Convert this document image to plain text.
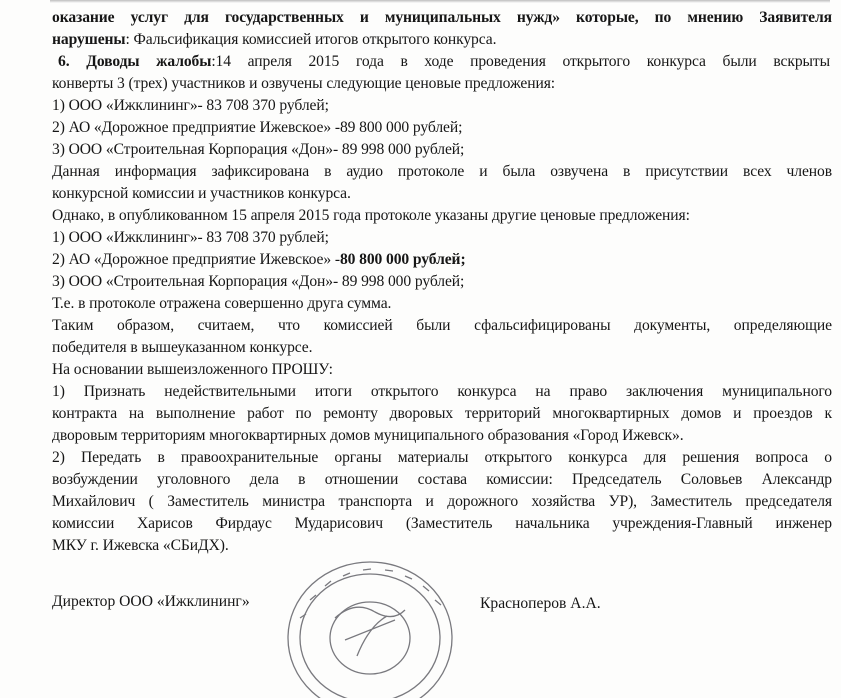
оказание услуг для государственных и муниципальных нужд» которые, по мнению Заявителя
нарушены: Фальсификация комиссией итогов открытого конкурса.
6. Доводы жалобы:14 апреля 2015 года в ходе проведения открытого конкурса были вскрыты
конверты 3 (трех) участников и озвучены следующие ценовые предложения:
1) ООО «Ижклининг»- 83 708 370 рублей;
2) АО «Дорожное предприятие Ижевское» -89 800 000 рублей;
3) ООО «Строительная Корпорация «Дон»- 89 998 000 рублей;
Данная информация зафиксирована в аудио протоколе и была озвучена в присутствии всех членов
конкурсной комиссии и участников конкурса.
Однако, в опубликованном 15 апреля 2015 года протоколе указаны другие ценовые предложения:
1) ООО «Ижклининг»- 83 708 370 рублей;
2) АО «Дорожное предприятие Ижевское» -80 800 000 рублей;
3) ООО «Строительная Корпорация «Дон»- 89 998 000 рублей;
Т.е. в протоколе отражена совершенно друга сумма.
Таким образом, считаем, что комиссией были сфальсифицированы документы, определяющие
победителя в вышеуказанном конкурсе.
На основании вышеизложенного ПРОШУ:
1) Признать недействительными итоги открытого конкурса на право заключения муниципального
контракта на выполнение работ по ремонту дворовых территорий многоквартирных домов и проездов к
дворовым территориям многоквартирных домов муниципального образования «Город Ижевск».
2) Передать в правоохранительные органы материалы открытого конкурса для решения вопроса о
возбуждении уголовного дела в отношении состава комиссии: Председатель Соловьев Александр
Михайлович ( Заместитель министра транспорта и дорожного хозяйства УР), Заместитель председателя
комиссии Харисов Фирдаус Мударисович (Заместитель начальника учреждения-Главный инженер
МКУ г. Ижевска «СБиДХ).
Директор ООО «Ижклининг»	Красноперов А.А.
